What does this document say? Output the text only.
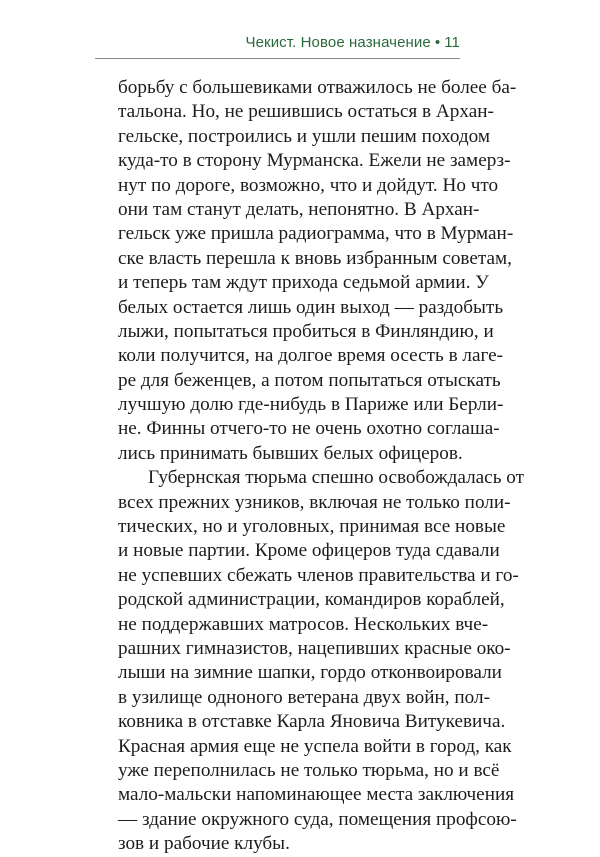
Чекист. Новое назначение • 11
борьбу с большевиками отважилось не более ба-
тальона. Но, не решившись остаться в Архан-
гельске, построились и ушли пешим походом
куда-то в сторону Мурманска. Ежели не замерз-
нут по дороге, возможно, что и дойдут. Но что
они там станут делать, непонятно. В Архан-
гельск уже пришла радиограмма, что в Мурман-
ске власть перешла к вновь избранным советам,
и теперь там ждут прихода седьмой армии. У
белых остается лишь один выход — раздобыть
лыжи, попытаться пробиться в Финляндию, и
коли получится, на долгое время осесть в лаге-
ре для беженцев, а потом попытаться отыскать
лучшую долю где-нибудь в Париже или Берли-
не. Финны отчего-то не очень охотно соглаша-
лись принимать бывших белых офицеров.
Губернская тюрьма спешно освобождалась от
всех прежних узников, включая не только поли-
тических, но и уголовных, принимая все новые
и новые партии. Кроме офицеров туда сдавали
не успевших сбежать членов правительства и го-
родской администрации, командиров кораблей,
не поддержавших матросов. Нескольких вче-
рашних гимназистов, нацепивших красные око-
лыши на зимние шапки, гордо отконвоировали
в узилище одноного ветерана двух войн, пол-
ковника в отставке Карла Яновича Витукевича.
Красная армия еще не успела войти в город, как
уже переполнилась не только тюрьма, но и всё
мало-мальски напоминающее места заключения
— здание окружного суда, помещения профсою-
зов и рабочие клубы.
